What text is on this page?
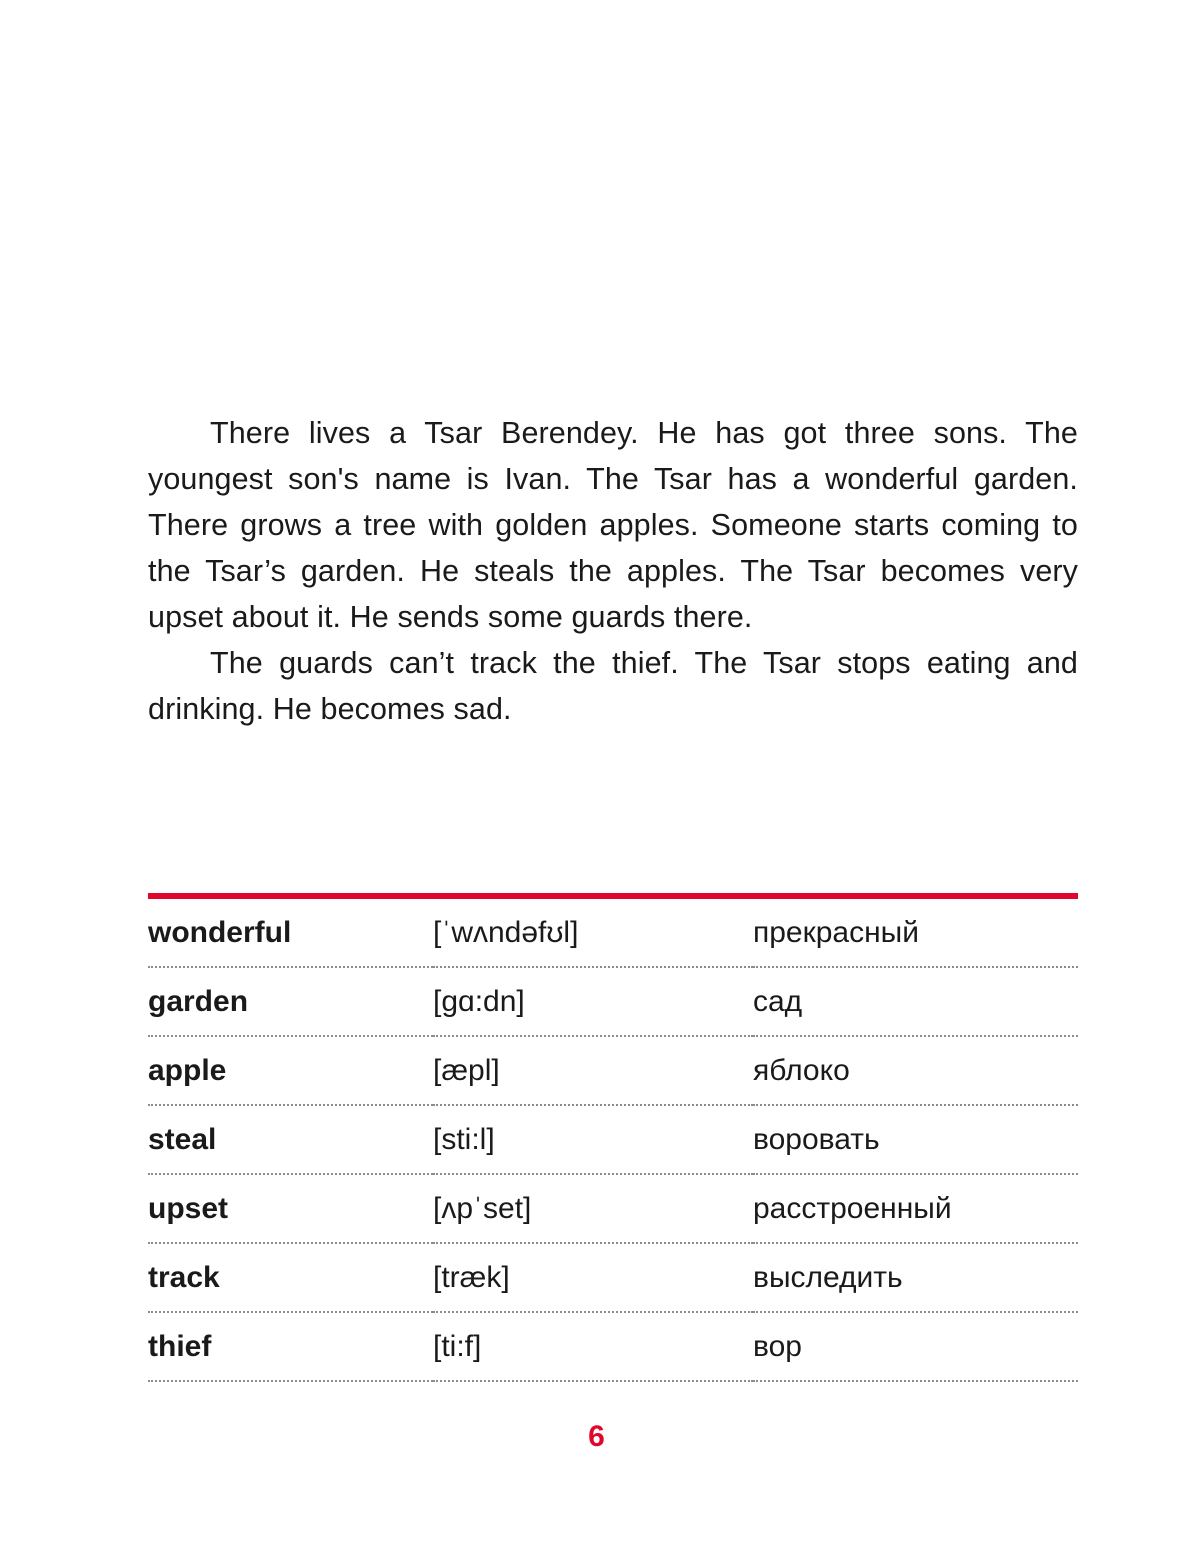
There lives a Tsar Berendey. He has got three sons. The youngest son's name is Ivan. The Tsar has a wonderful garden. There grows a tree with golden apples. Someone starts coming to the Tsar’s garden. He steals the apples. The Tsar becomes very upset about it. He sends some guards there.

The guards can’t track the thief. The Tsar stops eating and drinking. He becomes sad.

wonderful	[ˈwʌndəfʊl]	прекрасный
garden	[gɑ:dn]	сад
apple	[æpl]	яблоко
steal	[sti:l]	воровать
upset	[ʌpˈset]	расстроенный
track	[træk]	выследить
thief	[ti:f]	вор
6
